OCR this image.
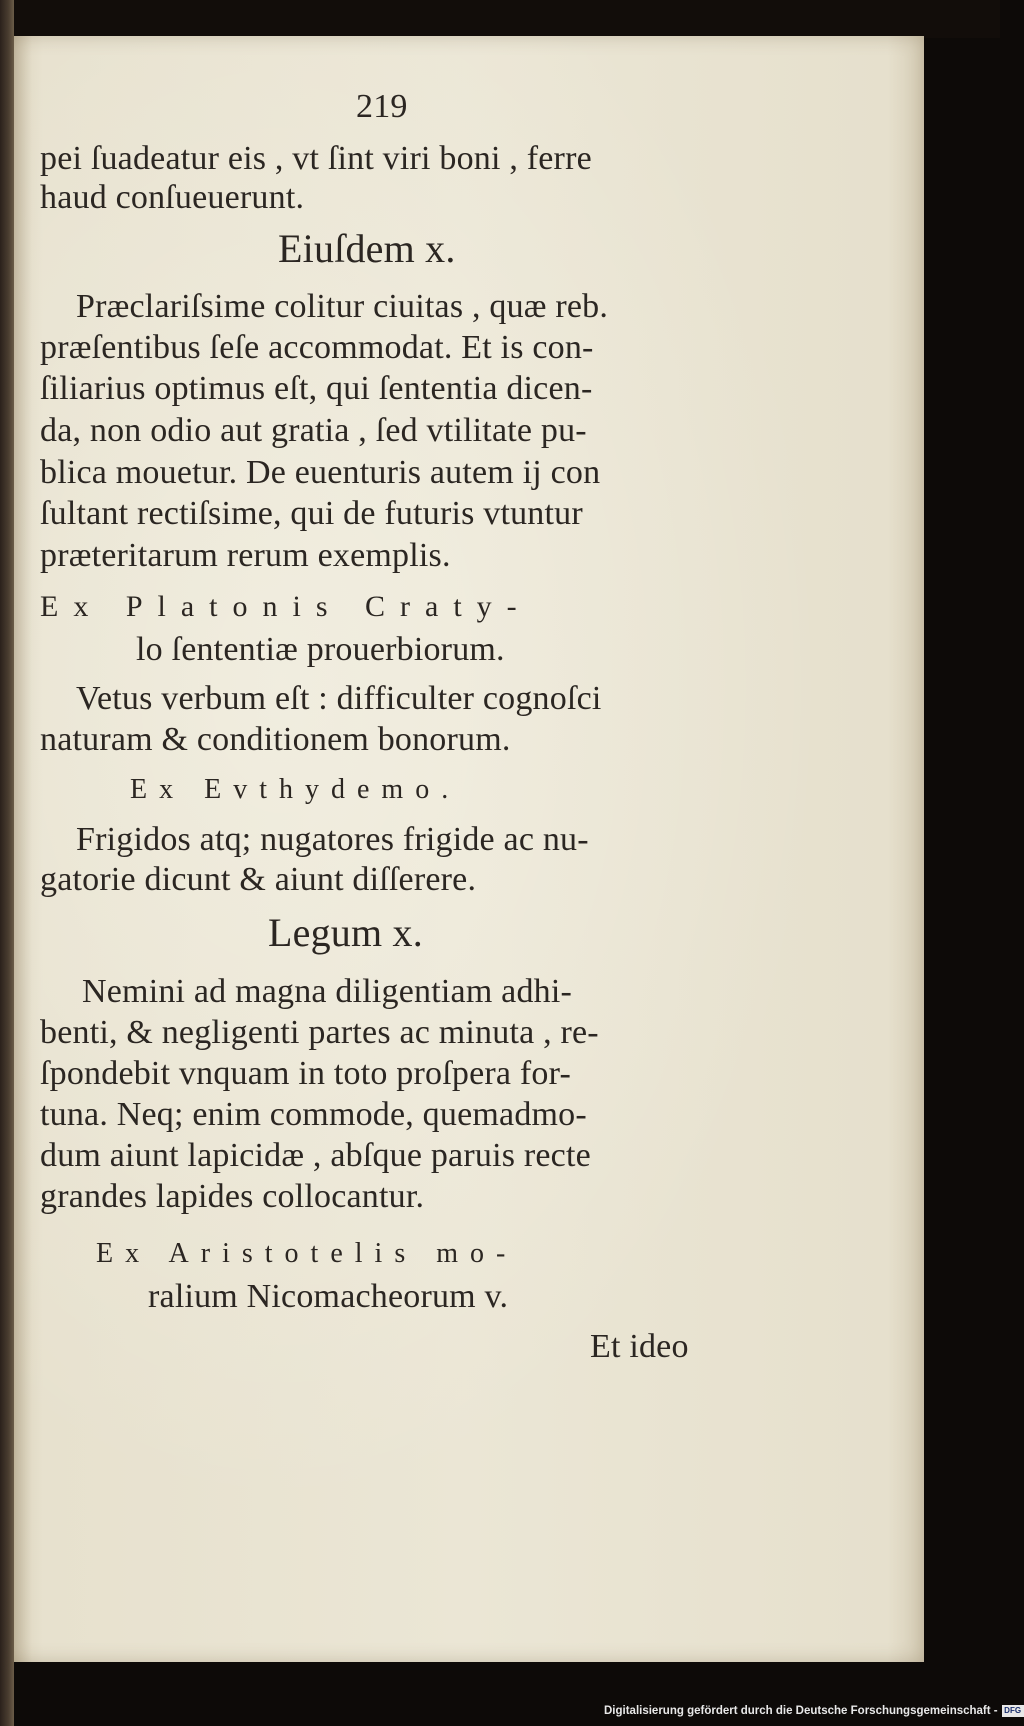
219
pei ſuadeatur eis , vt ſint viri boni , ferre
haud conſueuerunt.
Eiuſdem x.
Præclariſsime colitur ciuitas , quæ reb.
præſentibus ſeſe accommodat. Et is con-
ſiliarius optimus eſt, qui ſententia dicen-
da, non odio aut gratia , ſed vtilitate pu-
blica mouetur. De euenturis autem ij con
ſultant rectiſsime, qui de futuris vtuntur
præteritarum rerum exemplis.
Ex Platonis Craty-
lo ſententiæ prouerbiorum.
Vetus verbum eſt : difficulter cognoſci
naturam & conditionem bonorum.
Ex Evthydemo.
Frigidos atq; nugatores frigide ac nu-
gatorie dicunt & aiunt diſſerere.
Legum x.
Nemini ad magna diligentiam adhi-
benti, & negligenti partes ac minuta , re-
ſpondebit vnquam in toto proſpera for-
tuna. Neq; enim commode, quemadmo-
dum aiunt lapicidæ , abſque paruis recte
grandes lapides collocantur.
Ex Aristotelis mo-
ralium Nicomacheorum v.
Et ideo
Digitalisierung gefördert durch die Deutsche Forschungsgemeinschaft - DFG
